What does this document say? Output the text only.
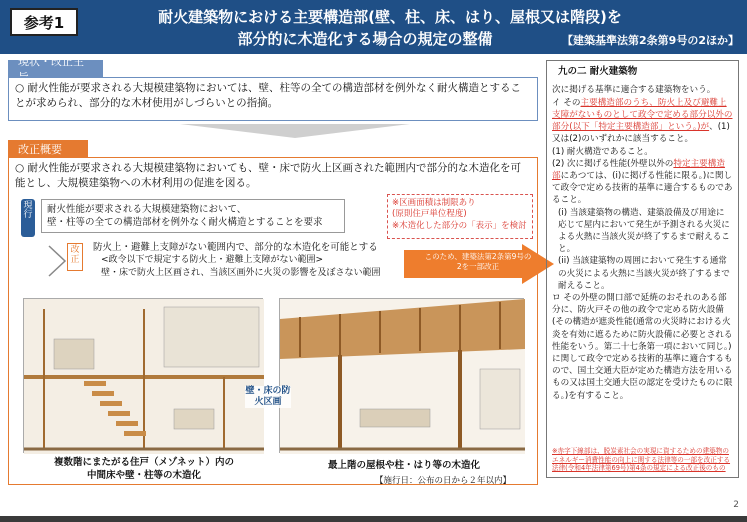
参考1	耐火建築物における主要構造部(壁、柱、床、はり、屋根又は階段)を
部分的に木造化する場合の規定の整備	【建築基準法第2条第9号の2ほか】
現状・改正主旨
○ 耐火性能が要求される大規模建築物においては、壁、柱等の全ての構造部材を例外なく耐火構造とすることが求められ、部分的な木材使用がしづらいとの指摘。
改正概要
○ 耐火性能が要求される大規模建築物においても、壁・床で防火上区画された範囲内で部分的な木造化を可能とし、大規模建築物への木材利用の促進を図る。
現行
耐火性能が要求される大規模建築物において、
壁・柱等の全ての構造部材を例外なく耐火構造とすることを要求
※区画面積は制限あり
(原則住戸単位程度)
※木造化した部分の「表示」を検討
改正
防火上・避難上支障がない範囲内で、部分的な木造化を可能とする
<政令以下で規定する防火上・避難上支障がない範囲>
壁・床で防火上区画され、当該区画外に火災の影響を及ぼさない範囲
このため、建築法第2条第9号の2を一部改正
壁・床の防火区画
複数階にまたがる住戸（メゾネット）内の
中間床や壁・柱等の木造化
最上階の屋根や柱・はり等の木造化
【施行日：公布の日から２年以内】
九の二 耐火建築物
次に掲げる基準に適合する建築物をいう。
イ その主要構造部のうち、防火上及び避難上支障がないものとして政令で定める部分以外の部分(以下「特定主要構造部」という。)が、(1)又は(2)のいずれかに該当すること。
(1) 耐火構造であること。
(2) 次に掲げる性能(外壁以外の特定主要構造部にあつては、(i)に掲げる性能に限る。)に関して政令で定める技術的基準に適合するものであること。
(i) 当該建築物の構造、建築設備及び用途に応じて屋内において発生が予測される火災による火熱に当該火災が終了するまで耐えること。
(ii) 当該建築物の周囲において発生する通常の火災による火熱に当該火災が終了するまで耐えること。
ロ その外壁の開口部で延焼のおそれのある部分に、防火戸その他の政令で定める防火設備(その構造が遮炎性能(通常の火災時における火炎を有効に遮るために防火設備に必要とされる性能をいう。第二十七条第一項において同じ。)に関して政令で定める技術的基準に適合するもので、国土交通大臣が定めた構造方法を用いるもの又は国土交通大臣の認定を受けたものに限る。)を有すること。
※赤字下線部は、脱炭素社会の実現に資するための建築物のエネルギー消費性能の向上に関する法律等の一部を改正する法律(令和4年法律第69号)第4条の規定による改正後のもの
2
